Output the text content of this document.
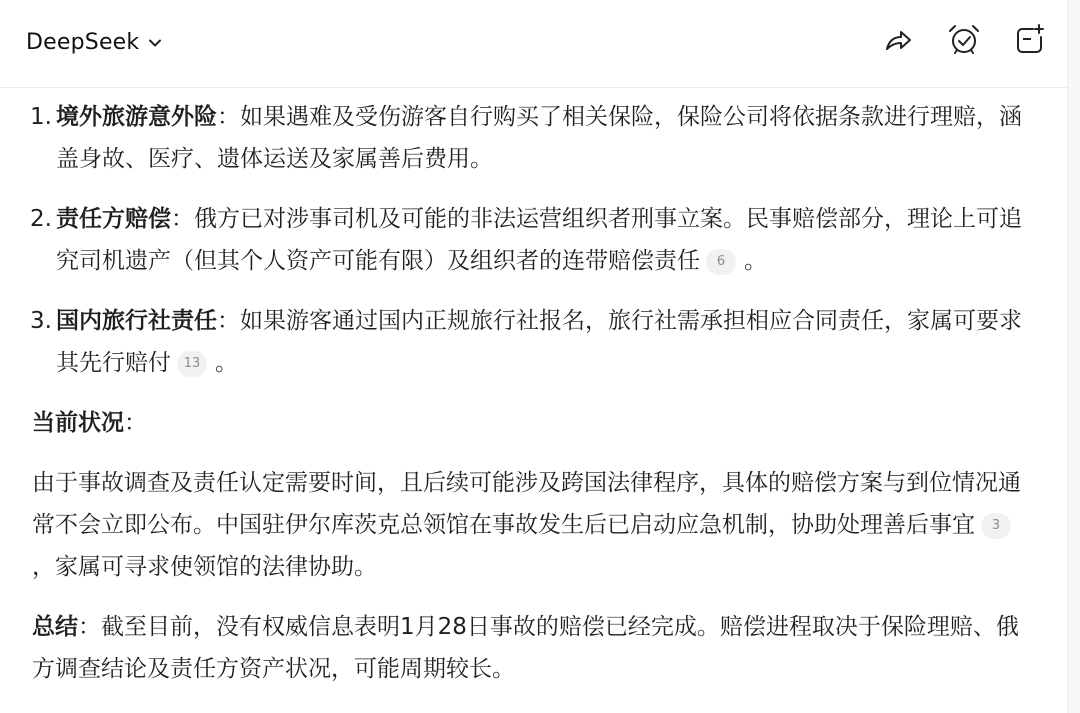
DeepSeek
1. 境外旅游意外险：如果遇难及受伤游客自行购买了相关保险，保险公司将依据条款进行理赔，涵盖身故、医疗、遗体运送及家属善后费用。
2. 责任方赔偿：俄方已对涉事司机及可能的非法运营组织者刑事立案。民事赔偿部分，理论上可追究司机遗产（但其个人资产可能有限）及组织者的连带赔偿责任 6 。
3. 国内旅行社责任：如果游客通过国内正规旅行社报名，旅行社需承担相应合同责任，家属可要求其先行赔付 13 。

当前状况：

由于事故调查及责任认定需要时间，且后续可能涉及跨国法律程序，具体的赔偿方案与到位情况通常不会立即公布。中国驻伊尔库茨克总领馆在事故发生后已启动应急机制，协助处理善后事宜 3，家属可寻求使领馆的法律协助。

总结：截至目前，没有权威信息表明1月28日事故的赔偿已经完成。赔偿进程取决于保险理赔、俄方调查结论及责任方资产状况，可能周期较长。
